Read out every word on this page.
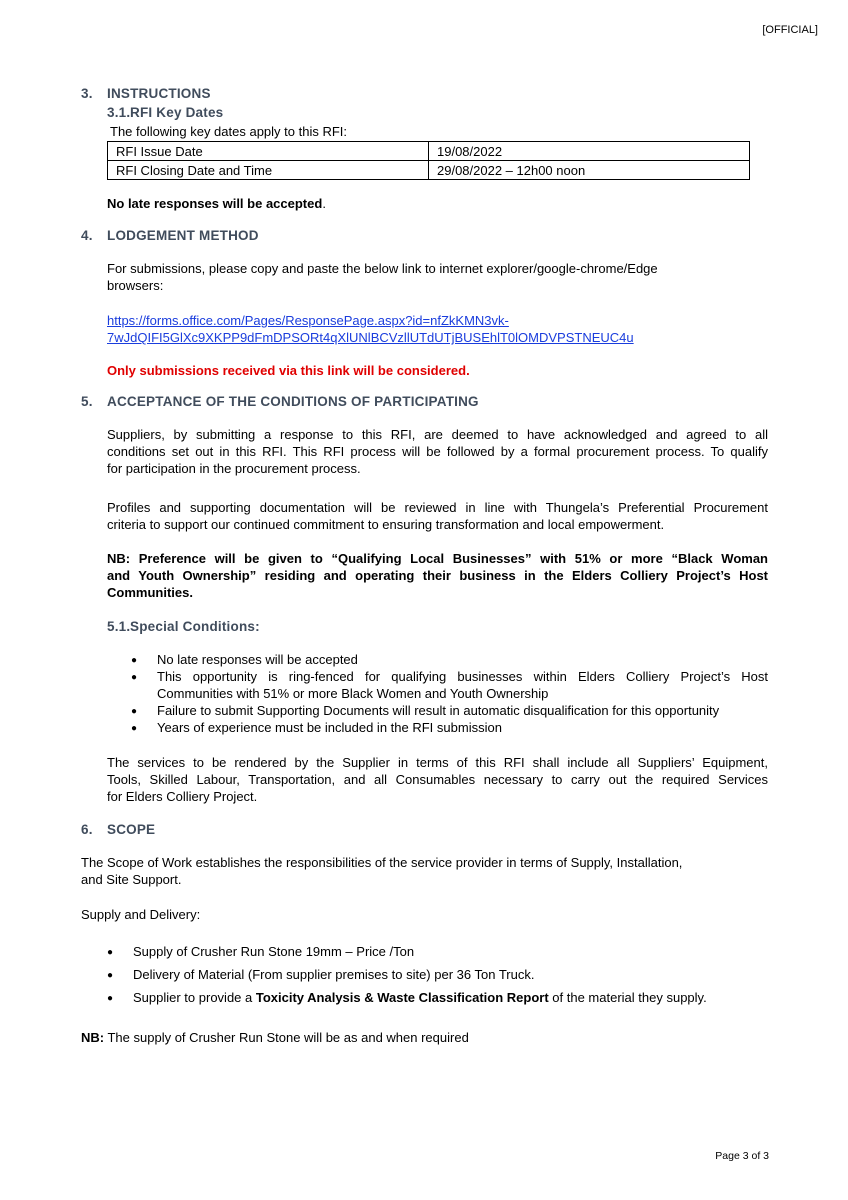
[OFFICIAL]
3. INSTRUCTIONS
3.1.RFI Key Dates
The following key dates apply to this RFI:
RFI Issue Date	19/08/2022
RFI Closing Date and Time	29/08/2022 – 12h00 noon
No late responses will be accepted.
4. LODGEMENT METHOD
For submissions, please copy and paste the below link to internet explorer/google-chrome/Edge
browsers:
https://forms.office.com/Pages/ResponsePage.aspx?id=nfZkKMN3vk-
7wJdQIFI5GlXc9XKPP9dFmDPSORt4qXlUNlBCVzllUTdUTjBUSEhlT0lOMDVPSTNEUC4u
Only submissions received via this link will be considered.
5. ACCEPTANCE OF THE CONDITIONS OF PARTICIPATING
Suppliers, by submitting a response to this RFI, are deemed to have acknowledged and agreed to all
conditions set out in this RFI. This RFI process will be followed by a formal procurement process. To qualify
for participation in the procurement process.
Profiles and supporting documentation will be reviewed in line with Thungela’s Preferential Procurement
criteria to support our continued commitment to ensuring transformation and local empowerment.
NB: Preference will be given to “Qualifying Local Businesses” with 51% or more “Black Woman
and Youth Ownership” residing and operating their business in the Elders Colliery Project’s Host
Communities.
5.1.Special Conditions:
● No late responses will be accepted
● This opportunity is ring-fenced for qualifying businesses within Elders Colliery Project’s Host
Communities with 51% or more Black Women and Youth Ownership
● Failure to submit Supporting Documents will result in automatic disqualification for this opportunity
● Years of experience must be included in the RFI submission
The services to be rendered by the Supplier in terms of this RFI shall include all Suppliers’ Equipment,
Tools, Skilled Labour, Transportation, and all Consumables necessary to carry out the required Services
for Elders Colliery Project.
6. SCOPE
The Scope of Work establishes the responsibilities of the service provider in terms of Supply, Installation,
and Site Support.
Supply and Delivery:
● Supply of Crusher Run Stone 19mm – Price /Ton
● Delivery of Material (From supplier premises to site) per 36 Ton Truck.
● Supplier to provide a Toxicity Analysis & Waste Classification Report of the material they supply.
NB: The supply of Crusher Run Stone will be as and when required
Page 3 of 3
